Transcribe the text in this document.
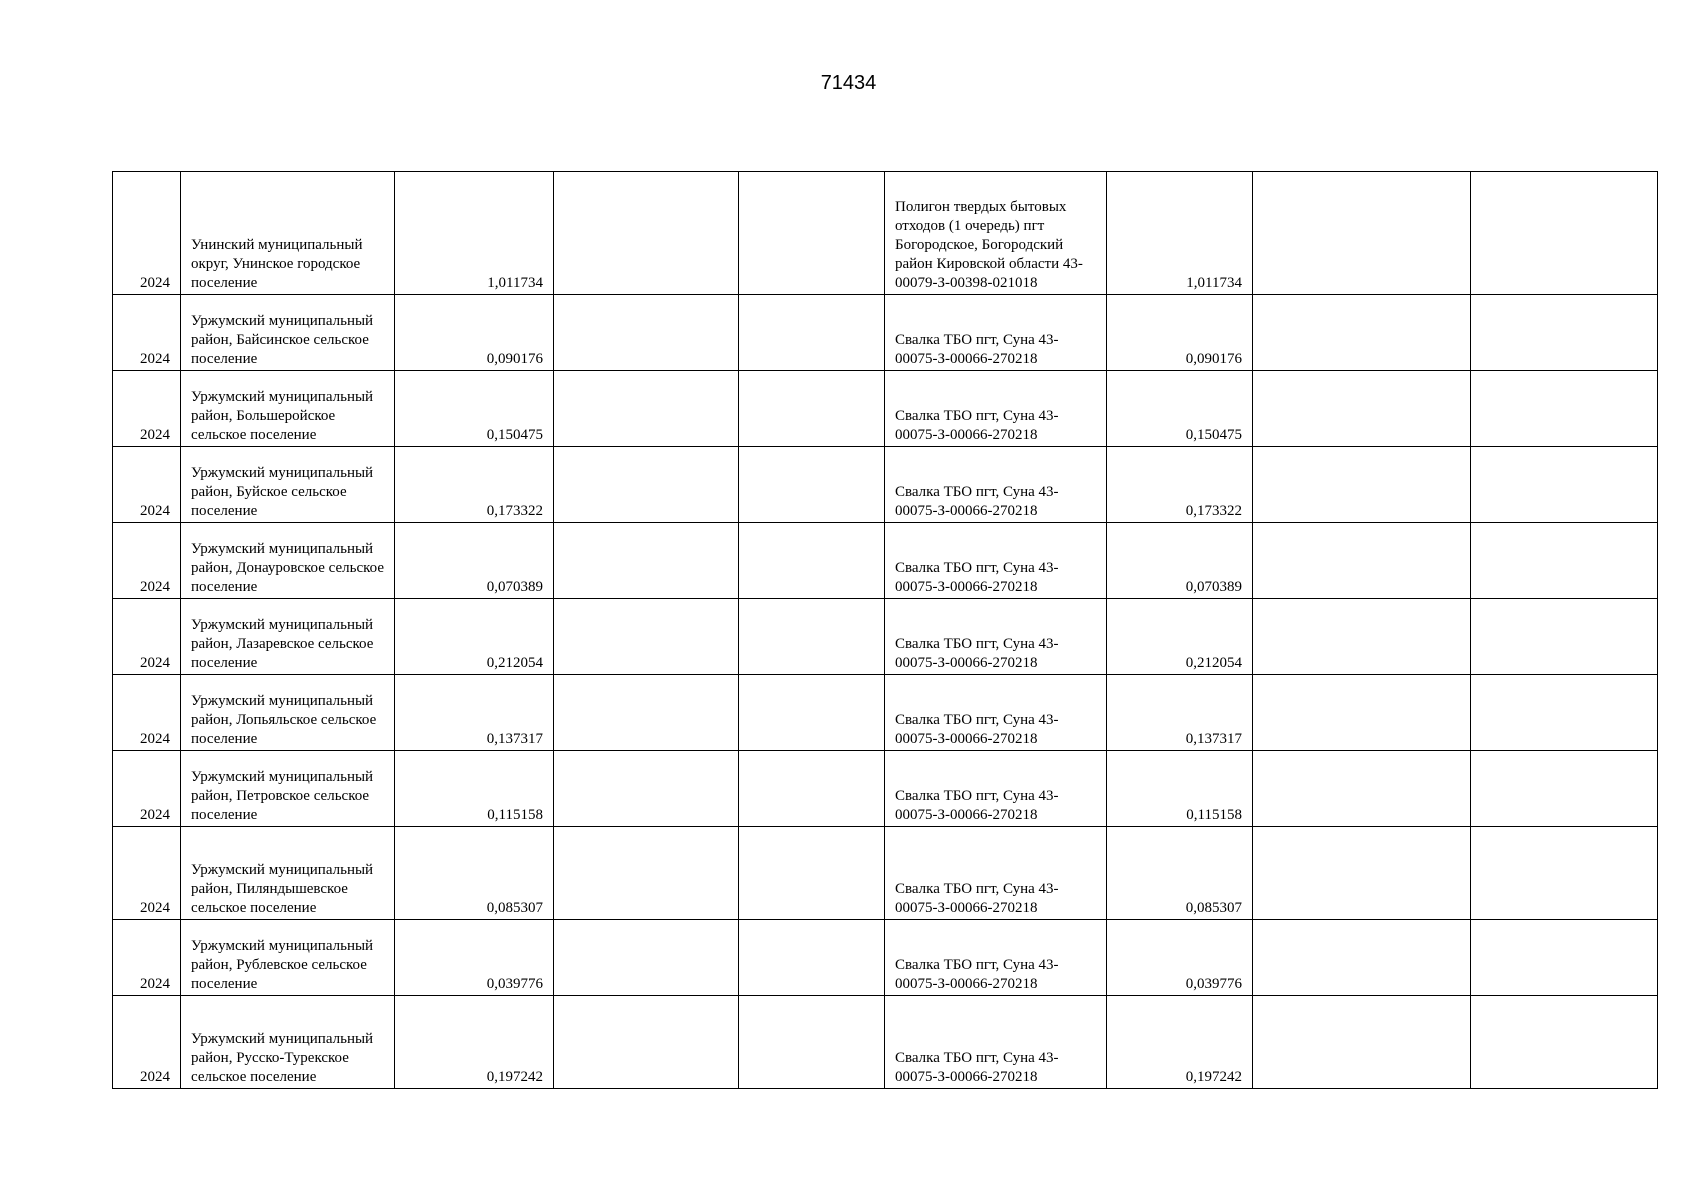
71434
2024	Унинский муниципальный округ, Унинское городское поселение	1,011734			Полигон твердых бытовых отходов (1 очередь) пгт Богородское, Богородский район Кировской области 43-00079-З-00398-021018	1,011734		
2024	Уржумский муниципальный район, Байсинское сельское поселение	0,090176			Свалка ТБО пгт, Суна 43-00075-З-00066-270218	0,090176		
2024	Уржумский муниципальный район, Большеройское сельское поселение	0,150475			Свалка ТБО пгт, Суна 43-00075-З-00066-270218	0,150475		
2024	Уржумский муниципальный район, Буйское сельское поселение	0,173322			Свалка ТБО пгт, Суна 43-00075-З-00066-270218	0,173322		
2024	Уржумский муниципальный район, Донауровское сельское поселение	0,070389			Свалка ТБО пгт, Суна 43-00075-З-00066-270218	0,070389		
2024	Уржумский муниципальный район, Лазаревское сельское поселение	0,212054			Свалка ТБО пгт, Суна 43-00075-З-00066-270218	0,212054		
2024	Уржумский муниципальный район, Лопьяльское сельское поселение	0,137317			Свалка ТБО пгт, Суна 43-00075-З-00066-270218	0,137317		
2024	Уржумский муниципальный район, Петровское сельское поселение	0,115158			Свалка ТБО пгт, Суна 43-00075-З-00066-270218	0,115158		
2024	Уржумский муниципальный район, Пиляндышевское сельское поселение	0,085307			Свалка ТБО пгт, Суна 43-00075-З-00066-270218	0,085307		
2024	Уржумский муниципальный район, Рублевское сельское поселение	0,039776			Свалка ТБО пгт, Суна 43-00075-З-00066-270218	0,039776		
2024	Уржумский муниципальный район, Русско-Турекское сельское поселение	0,197242			Свалка ТБО пгт, Суна 43-00075-З-00066-270218	0,197242		
